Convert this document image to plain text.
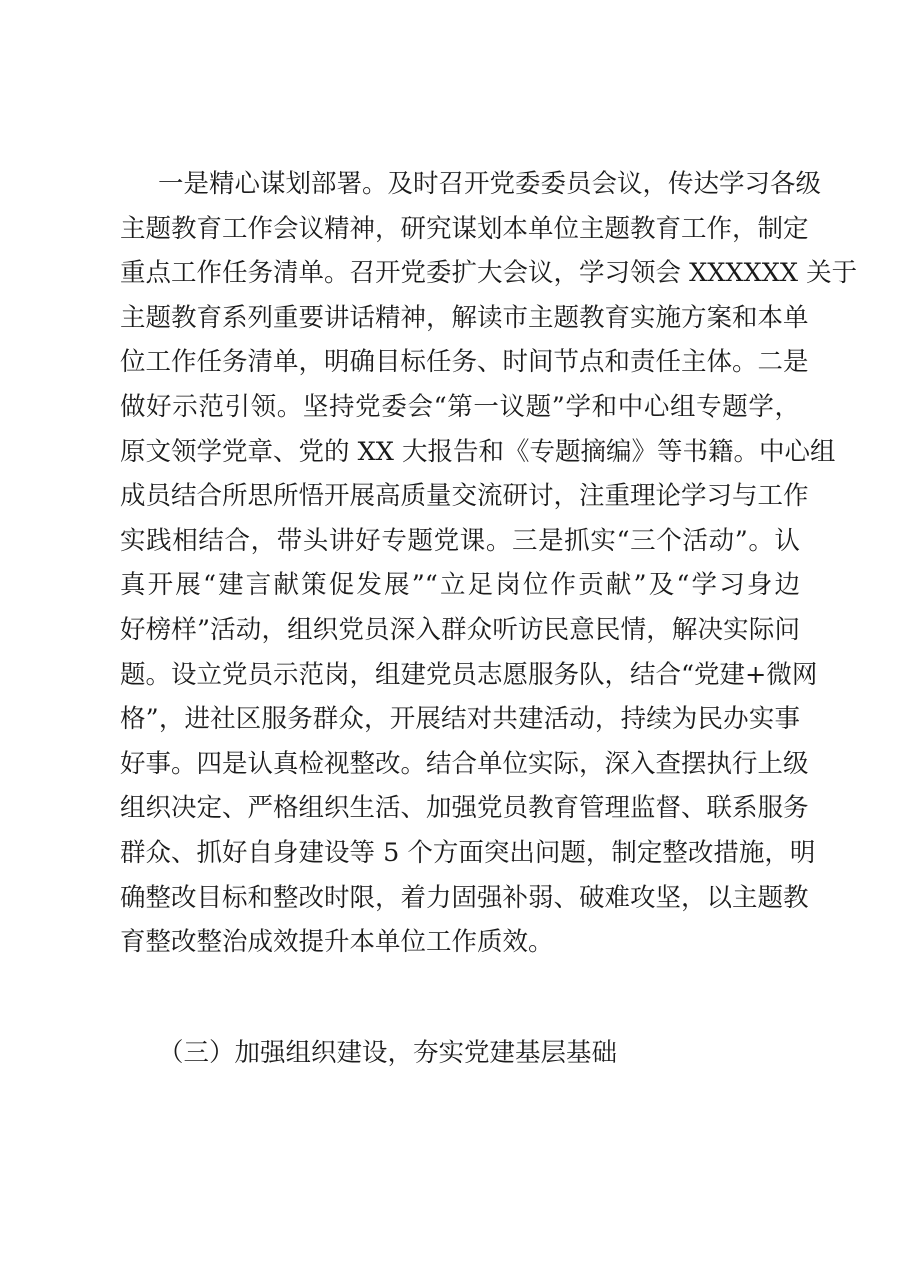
一是精心谋划部署。及时召开党委委员会议，传达学习各级
主题教育工作会议精神，研究谋划本单位主题教育工作，制定
重点工作任务清单。召开党委扩大会议，学习领会 XXXXXX 关于
主题教育系列重要讲话精神，解读市主题教育实施方案和本单
位工作任务清单，明确目标任务、时间节点和责任主体。二是
做好示范引领。坚持党委会“第一议题”学和中心组专题学，
原文领学党章、党的 XX 大报告和《专题摘编》等书籍。中心组
成员结合所思所悟开展高质量交流研讨，注重理论学习与工作
实践相结合，带头讲好专题党课。三是抓实“三个活动”。认
真开展“建言献策促发展”“立足岗位作贡献”及“学习身边
好榜样”活动，组织党员深入群众听访民意民情，解决实际问
题。设立党员示范岗，组建党员志愿服务队，结合“党建+微网
格”，进社区服务群众，开展结对共建活动，持续为民办实事
好事。四是认真检视整改。结合单位实际，深入查摆执行上级
组织决定、严格组织生活、加强党员教育管理监督、联系服务
群众、抓好自身建设等 5 个方面突出问题，制定整改措施，明
确整改目标和整改时限，着力固强补弱、破难攻坚，以主题教
育整改整治成效提升本单位工作质效。

（三）加强组织建设，夯实党建基层基础
